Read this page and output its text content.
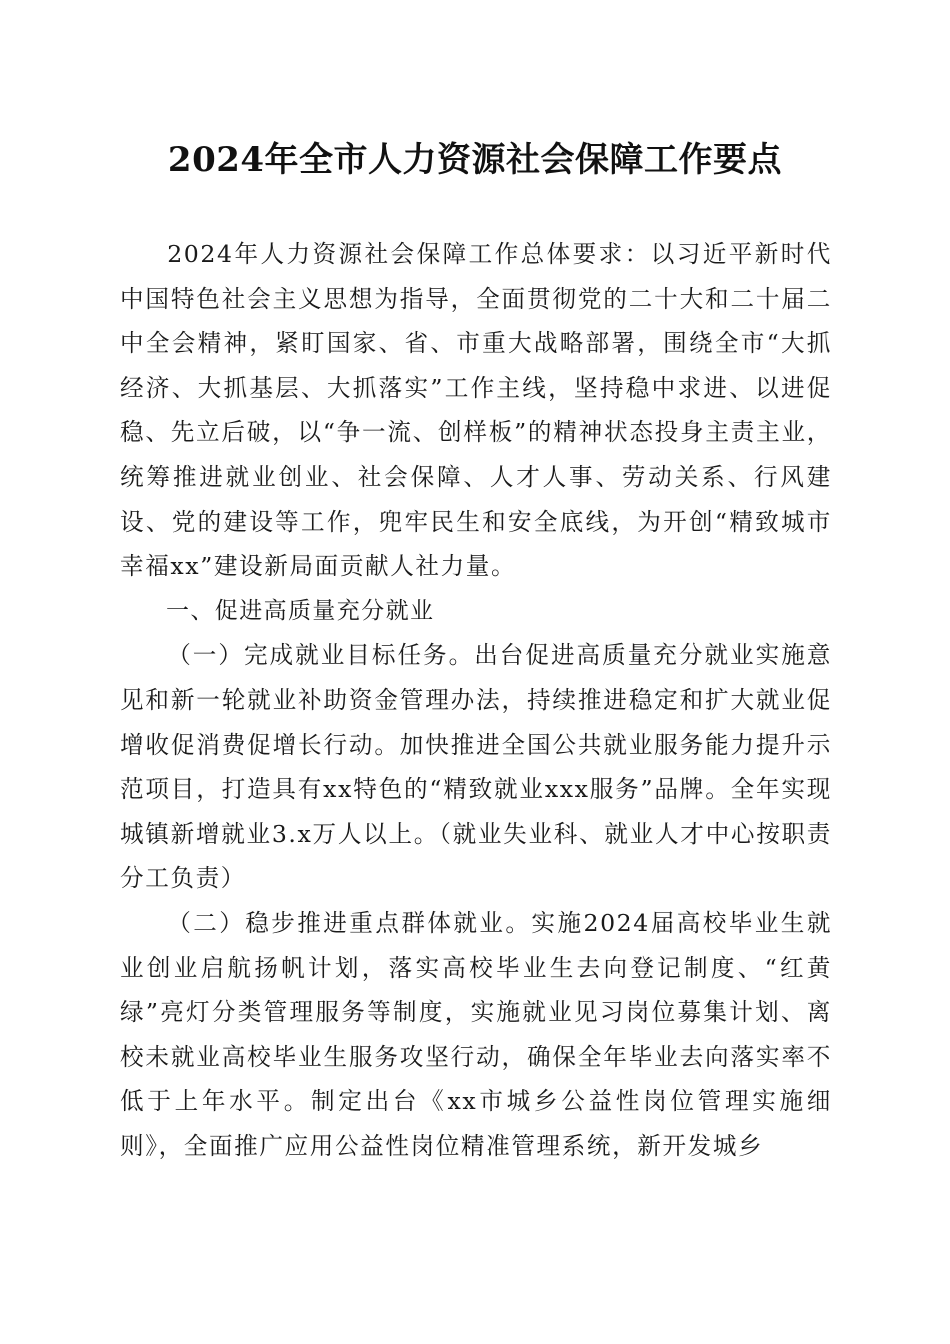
2024年全市人力资源社会保障工作要点

2024年人力资源社会保障工作总体要求：以习近平新时代中国特色社会主义思想为指导，全面贯彻党的二十大和二十届二中全会精神，紧盯国家、省、市重大战略部署，围绕全市“大抓经济、大抓基层、大抓落实”工作主线，坚持稳中求进、以进促稳、先立后破，以“争一流、创样板”的精神状态投身主责主业，统筹推进就业创业、社会保障、人才人事、劳动关系、行风建设、党的建设等工作，兜牢民生和安全底线，为开创“精致城市幸福xx”建设新局面贡献人社力量。

一、促进高质量充分就业

（一）完成就业目标任务。出台促进高质量充分就业实施意见和新一轮就业补助资金管理办法，持续推进稳定和扩大就业促增收促消费促增长行动。加快推进全国公共就业服务能力提升示范项目，打造具有xx特色的“精致就业xxx服务”品牌。全年实现城镇新增就业3.x万人以上。（就业失业科、就业人才中心按职责分工负责）

（二）稳步推进重点群体就业。实施2024届高校毕业生就业创业启航扬帆计划，落实高校毕业生去向登记制度、“红黄绿”亮灯分类管理服务等制度，实施就业见习岗位募集计划、离校未就业高校毕业生服务攻坚行动，确保全年毕业去向落实率不低于上年水平。制定出台《xx市城乡公益性岗位管理实施细则》，全面推广应用公益性岗位精准管理系统，新开发城乡
